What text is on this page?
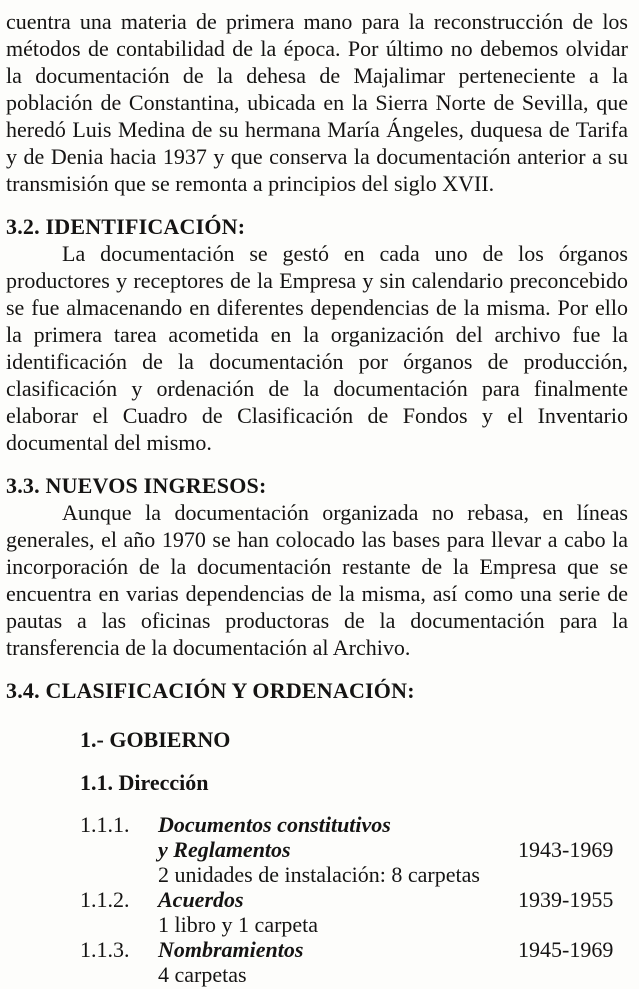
cuentra una materia de primera mano para la reconstrucción de los métodos de contabilidad de la época. Por último no debemos olvidar la documentación de la dehesa de Majalimar perteneciente a la población de Constantina, ubicada en la Sierra Norte de Sevilla, que heredó Luis Medina de su hermana María Ángeles, duquesa de Tarifa y de Denia hacia 1937 y que conserva la documentación anterior a su transmisión que se remonta a principios del siglo XVII.

3.2. IDENTIFICACIÓN:

La documentación se gestó en cada uno de los órganos productores y receptores de la Empresa y sin calendario preconcebido se fue almacenando en diferentes dependencias de la misma. Por ello la primera tarea acometida en la organización del archivo fue la identificación de la documentación por órganos de producción, clasificación y ordenación de la documentación para finalmente elaborar el Cuadro de Clasificación de Fondos y el Inventario documental del mismo.

3.3. NUEVOS INGRESOS:

Aunque la documentación organizada no rebasa, en líneas generales, el año 1970 se han colocado las bases para llevar a cabo la incorporación de la documentación restante de la Empresa que se encuentra en varias dependencias de la misma, así como una serie de pautas a las oficinas productoras de la documentación para la transferencia de la documentación al Archivo.

3.4. CLASIFICACIÓN Y ORDENACIÓN:
1.- GOBIERNO
1.1. Dirección
1.1.1.	Documentos constitutivos
y Reglamentos	1943-1969
2 unidades de instalación: 8 carpetas
1.1.2.	Acuerdos	1939-1955
1 libro y 1 carpeta
1.1.3.	Nombramientos	1945-1969
4 carpetas
